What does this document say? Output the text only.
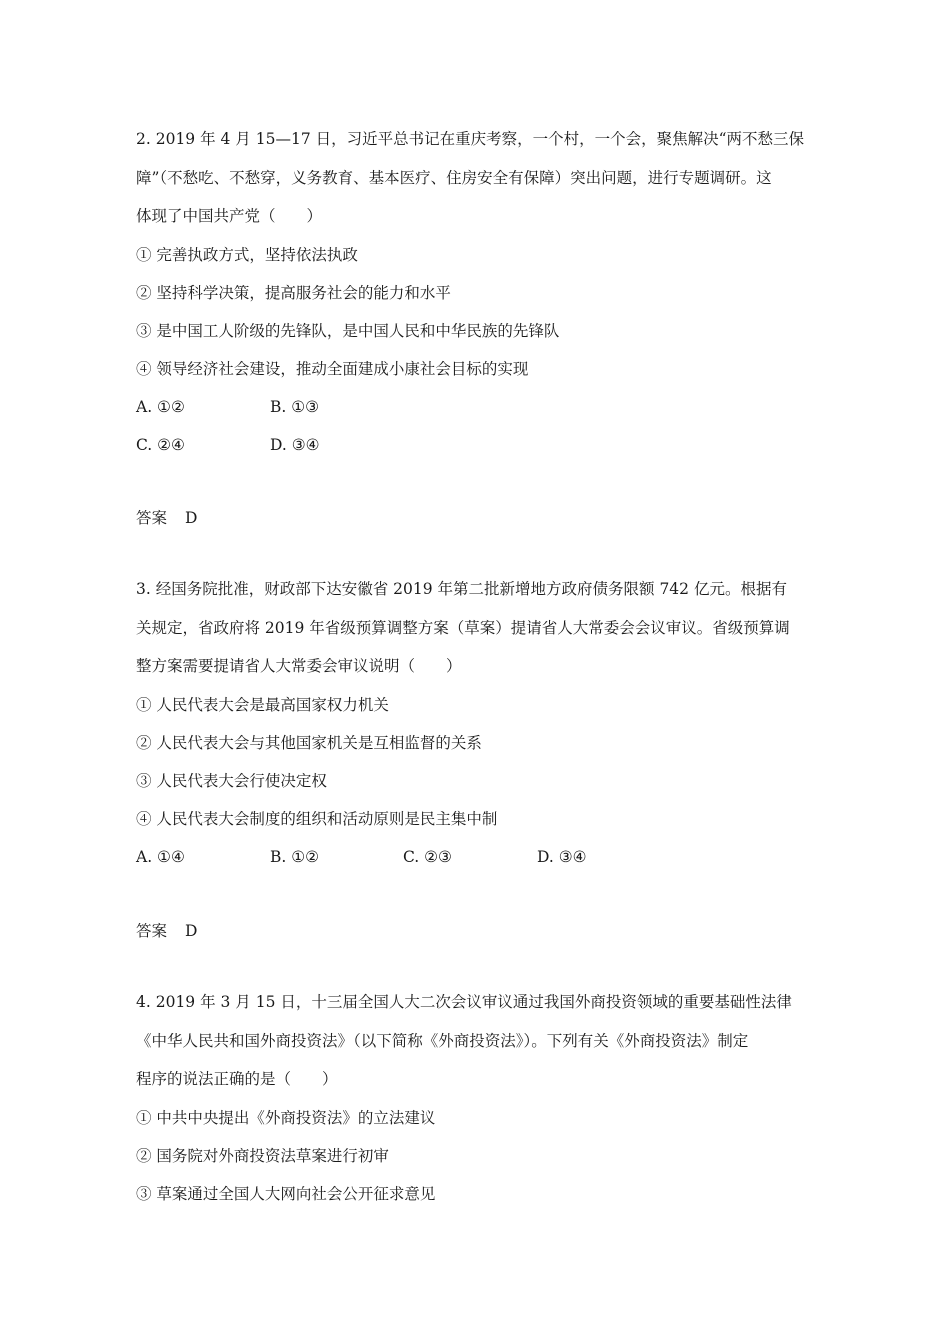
2. 2019 年 4 月 15—17 日，习近平总书记在重庆考察，一个村，一个会，聚焦解决“两不愁三保
障”（不愁吃、不愁穿，义务教育、基本医疗、住房安全有保障）突出问题，进行专题调研。这
体现了中国共产党（　　）
① 完善执政方式，坚持依法执政
② 坚持科学决策，提高服务社会的能力和水平
③ 是中国工人阶级的先锋队，是中国人民和中华民族的先锋队
④ 领导经济社会建设，推动全面建成小康社会目标的实现
A. ①②	B. ①③
C. ②④	D. ③④
答案 D
3. 经国务院批准，财政部下达安徽省 2019 年第二批新增地方政府债务限额 742 亿元。根据有
关规定，省政府将 2019 年省级预算调整方案（草案）提请省人大常委会会议审议。省级预算调
整方案需要提请省人大常委会审议说明（　　）
① 人民代表大会是最高国家权力机关
② 人民代表大会与其他国家机关是互相监督的关系
③ 人民代表大会行使决定权
④ 人民代表大会制度的组织和活动原则是民主集中制
A. ①④	B. ①②	C. ②③	D. ③④
答案 D
4. 2019 年 3 月 15 日，十三届全国人大二次会议审议通过我国外商投资领域的重要基础性法律
《中华人民共和国外商投资法》（以下简称《外商投资法》）。下列有关《外商投资法》制定
程序的说法正确的是（　　）
① 中共中央提出《外商投资法》的立法建议
② 国务院对外商投资法草案进行初审
③ 草案通过全国人大网向社会公开征求意见
